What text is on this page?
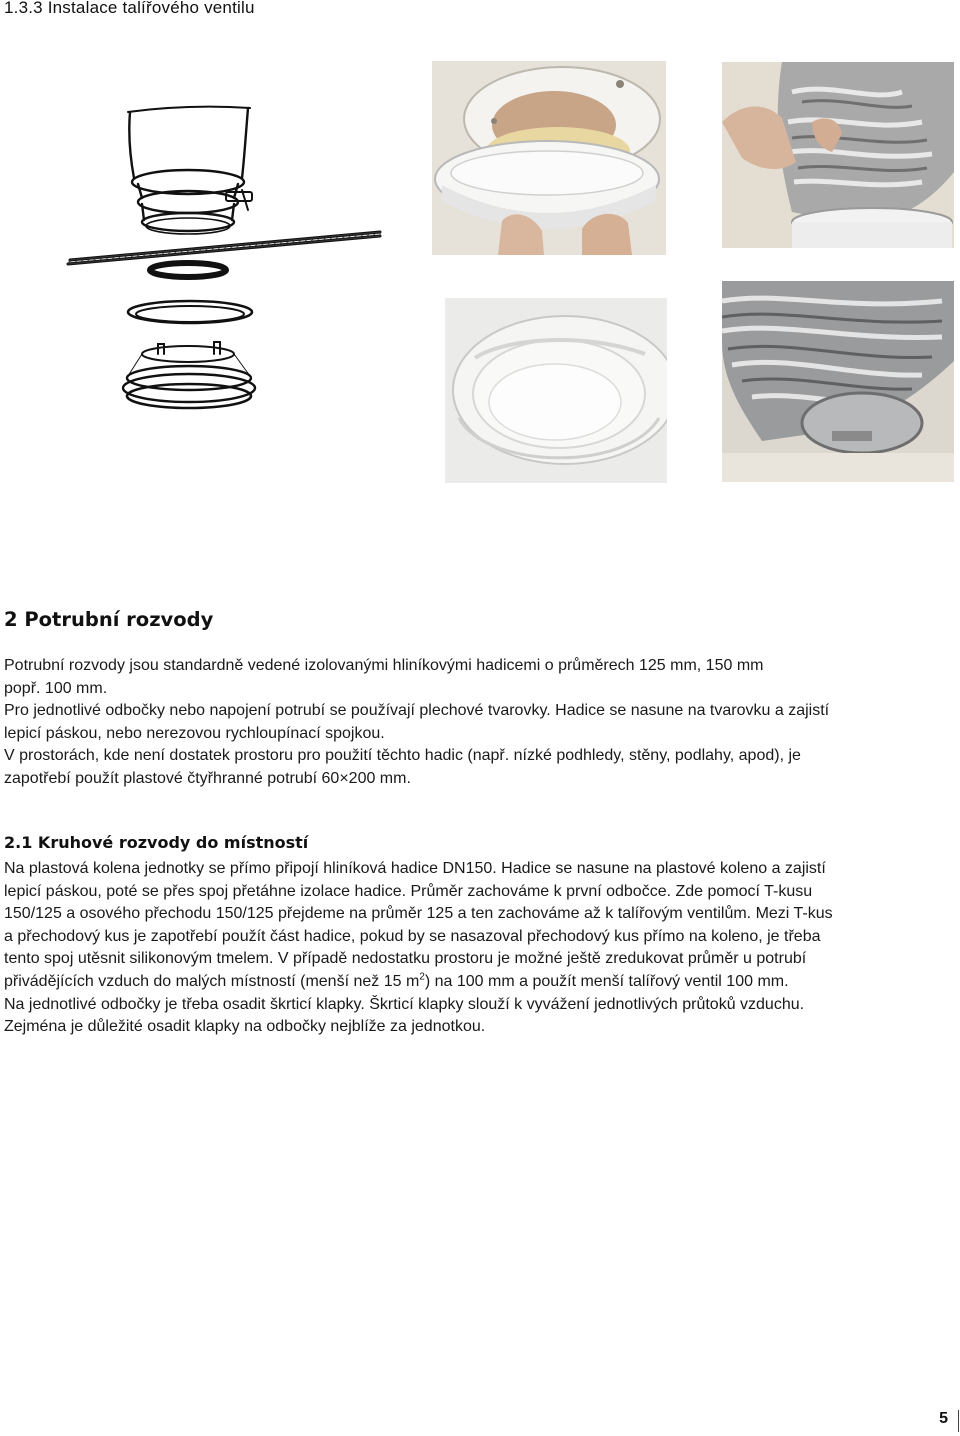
1.3.3 Instalace talířového ventilu
2 Potrubní rozvody
Potrubní rozvody jsou standardně vedené izolovanými hliníkovými hadicemi o průměrech 125 mm, 150 mm
popř. 100 mm.
Pro jednotlivé odbočky nebo napojení potrubí se používají plechové tvarovky. Hadice se nasune na tvarovku a zajistí
lepicí páskou, nebo nerezovou rychloupínací spojkou.
V prostorách, kde není dostatek prostoru pro použití těchto hadic (např. nízké podhledy, stěny, podlahy, apod), je
zapotřebí použít plastové čtyřhranné potrubí 60×200 mm.
2.1 Kruhové rozvody do místností
Na plastová kolena jednotky se přímo připojí hliníková hadice DN150. Hadice se nasune na plastové koleno a zajistí
lepicí páskou, poté se přes spoj přetáhne izolace hadice. Průměr zachováme k první odbočce. Zde pomocí T-kusu
150/125 a osového přechodu 150/125 přejdeme na průměr 125 a ten zachováme až k talířovým ventilům. Mezi T-kus
a přechodový kus je zapotřebí použít část hadice, pokud by se nasazoval přechodový kus přímo na koleno, je třeba
tento spoj utěsnit silikonovým tmelem. V případě nedostatku prostoru je možné ještě zredukovat průměr u potrubí
přiváděјících vzduch do malých místností (menší než 15 $m^2$) na 100 mm a použít menší talířový ventil 100 mm.
Na jednotlivé odbočky je třeba osadit škrticí klapky. Škrticí klapky slouží k vyvážení jednotlivých průtoků vzduchu.
Zejména je důležité osadit klapky na odbočky nejblíže za jednotkou.
5
